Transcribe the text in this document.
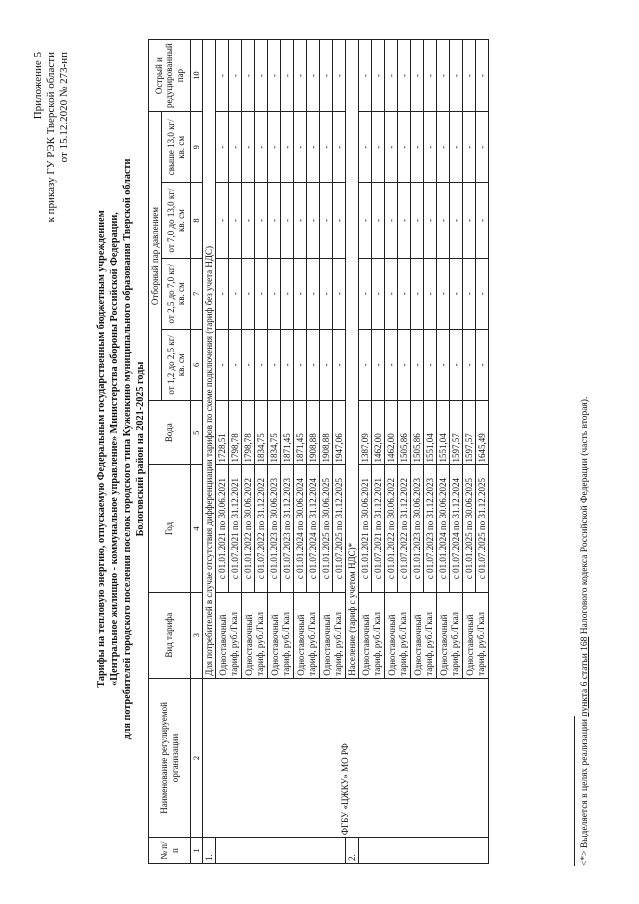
Приложение 5 к приказу ГУ РЭК Тверской области от 15.12.2020 № 273-нп
Тарифы на тепловую энергию, отпускаемую Федеральным государственным бюджетным учреждением «Центральное жилищно - коммунальное управление» Министерства обороны Российской Федерации, для потребителей городского поселения поселок городского типа Куженкино муниципального образования Тверской области Бологовский район на 2021-2025 годы
№ п/ п	Наименование регулируемой организации	Вид тарифа	Год	Вода	Отборный пар давлением				Острый и редуцированный пар
					от 1,2 до 2,5 кг/кв. см	от 2,5 до 7,0 кг/кв. см	от 7,0 до 13,0 кг/кв. см	свыше 13,0 кг/кв. см	
1	2	3	4	5	6	7	8	9	10
1.	ФГБУ «ЦЖКУ» МО РФ	Для потребителей в случае отсутствия дифференциации тарифов по схеме подключения (тариф без учета НДС)							

		Одноставочный тариф, руб./Гкал	с 01.01.2021 по 30.06.2021	1728,51	-	-	-	-	-
			с 01.07.2021 по 31.12.2021	1798,78	-	-	-	-	-

		Одноставочный тариф, руб./Гкал	с 01.01.2022 по 30.06.2022	1798,78	-	-	-	-	-
			с 01.07.2022 по 31.12.2022	1834,75	-	-	-	-	-

		Одноставочный тариф, руб./Гкал	с 01.01.2023 по 30.06.2023	1834,75	-	-	-	-	-
			с 01.07.2023 по 31.12.2023	1871,45	-	-	-	-	-

		Одноставочный тариф, руб./Гкал	с 01.01.2024 по 30.06.2024	1871,45	-	-	-	-	-
			с 01.07.2024 по 31.12.2024	1908,88	-	-	-	-	-

		Одноставочный тариф, руб./Гкал	с 01.01.2025 по 30.06.2025	1908,88	-	-	-	-	-
			с 01.07.2025 по 31.12.2025	1947,06	-	-	-	-	-
2.		Население (тариф с учетом НДС)*							

		Одноставочный тариф, руб./Гкал	с 01.01.2021 по 30.06.2021	1387,09	-	-	-	-	-
			с 01.07.2021 по 31.12.2021	1462,00	-	-	-	-	-

		Одноставочный тариф, руб./Гкал	с 01.01.2022 по 30.06.2022	1462,00	-	-	-	-	-
			с 01.07.2022 по 31.12.2022	1505,86	-	-	-	-	-

		Одноставочный тариф, руб./Гкал	с 01.01.2023 по 30.06.2023	1505,86	-	-	-	-	-
			с 01.07.2023 по 31.12.2023	1551,04	-	-	-	-	-

		Одноставочный тариф, руб./Гкал	с 01.01.2024 по 30.06.2024	1551,04	-	-	-	-	-
			с 01.07.2024 по 31.12.2024	1597,57	-	-	-	-	-

		Одноставочный тариф, руб./Гкал	с 01.01.2025 по 30.06.2025	1597,57	-	-	-	-	-
			с 01.07.2025 по 31.12.2025	1645,49	-	-	-	-	-
<*> Выделяется в целях реализации пункта 6 статьи 168 Налогового кодекса Российской Федерации (часть вторая).
